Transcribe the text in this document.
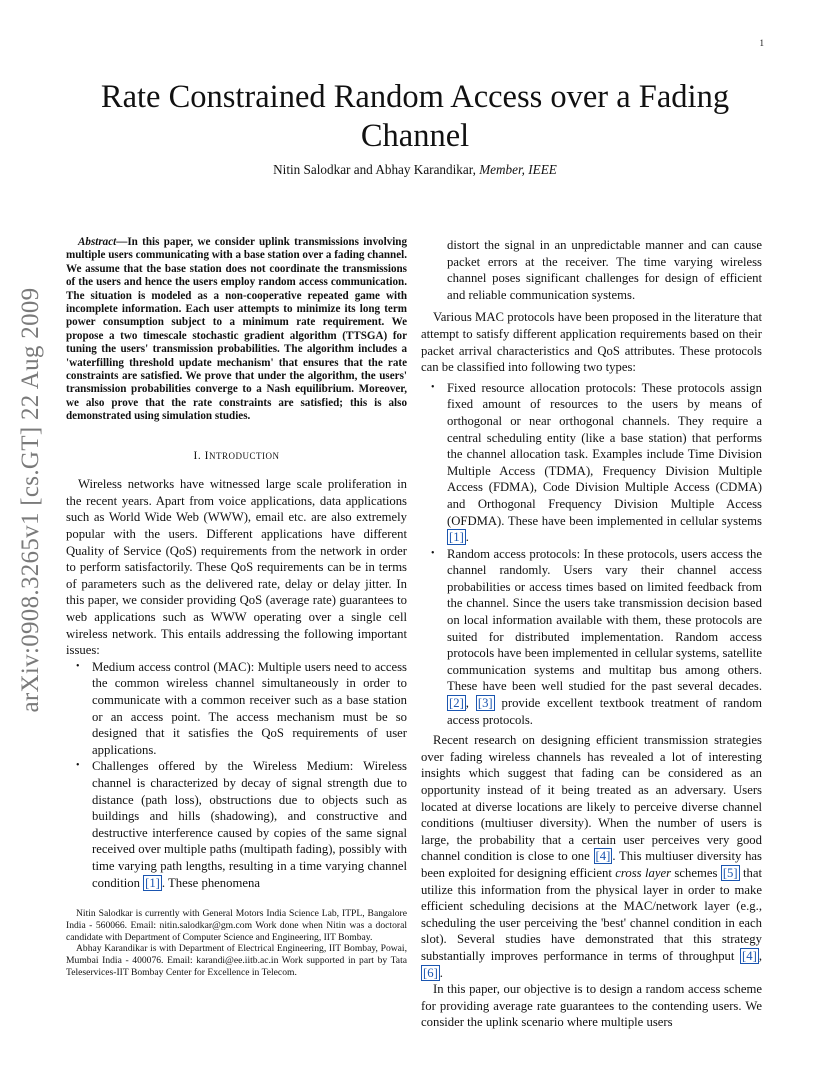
1
arXiv:0908.3265v1 [cs.GT] 22 Aug 2009
Rate Constrained Random Access over a Fading
Channel
Nitin Salodkar and Abhay Karandikar, Member, IEEE

Abstract—In this paper, we consider uplink transmissions involving multiple users communicating with a base station over a fading channel. We assume that the base station does not coordinate the transmissions of the users and hence the users employ random access communication. The situation is modeled as a non-cooperative repeated game with incomplete information. Each user attempts to minimize its long term power consumption subject to a minimum rate requirement. We propose a two timescale stochastic gradient algorithm (TTSGA) for tuning the users' transmission probabilities. The algorithm includes a 'waterfilling threshold update mechanism' that ensures that the rate constraints are satisfied. We prove that under the algorithm, the users' transmission probabilities converge to a Nash equilibrium. Moreover, we also prove that the rate constraints are satisfied; this is also demonstrated using simulation studies.

I. INTRODUCTION

Wireless networks have witnessed large scale proliferation in the recent years. Apart from voice applications, data applications such as World Wide Web (WWW), email etc. are also extremely popular with the users. Different applications have different Quality of Service (QoS) requirements from the network in order to perform satisfactorily. These QoS requirements can be in terms of parameters such as the delivered rate, delay or delay jitter. In this paper, we consider providing QoS (average rate) guarantees to web applications such as WWW operating over a single cell wireless network. This entails addressing the following important issues:

• Medium access control (MAC): Multiple users need to access the common wireless channel simultaneously in order to communicate with a common receiver such as a base station or an access point. The access mechanism must be so designed that it satisfies the QoS requirements of user applications.
• Challenges offered by the Wireless Medium: Wireless channel is characterized by decay of signal strength due to distance (path loss), obstructions due to objects such as buildings and hills (shadowing), and constructive and destructive interference caused by copies of the same signal received over multiple paths (multipath fading), possibly with time varying path lengths, resulting in a time varying channel condition [1] . These phenomena

Nitin Salodkar is currently with General Motors India Science Lab, ITPL, Bangalore India - 560066. Email: nitin.salodkar@gm.com Work done when Nitin was a doctoral candidate with Department of Computer Science and Engineering, IIT Bombay.

Abhay Karandikar is with Department of Electrical Engineering, IIT Bombay, Powai, Mumbai India - 400076. Email: karandi@ee.iitb.ac.in Work supported in part by Tata Teleservices-IIT Bombay Center for Excellence in Telecom.

distort the signal in an unpredictable manner and can cause packet errors at the receiver. The time varying wireless channel poses significant challenges for design of efficient and reliable communication systems.

Various MAC protocols have been proposed in the literature that attempt to satisfy different application requirements based on their packet arrival characteristics and QoS attributes. These protocols can be classified into following two types:

• Fixed resource allocation protocols: These protocols assign fixed amount of resources to the users by means of orthogonal or near orthogonal channels. They require a central scheduling entity (like a base station) that performs the channel allocation task. Examples include Time Division Multiple Access (TDMA), Frequency Division Multiple Access (FDMA), Code Division Multiple Access (CDMA) and Orthogonal Frequency Division Multiple Access (OFDMA). These have been implemented in cellular systems [1] .
• Random access protocols: In these protocols, users access the channel randomly. Users vary their channel access probabilities or access times based on limited feedback from the channel. Since the users take transmission decision based on local information available with them, these protocols are suited for distributed implementation. Random access protocols have been implemented in cellular systems, satellite communication systems and multitap bus among others. These have been well studied for the past several decades. [2] , [3] provide excellent textbook treatment of random access protocols.

Recent research on designing efficient transmission strategies over fading wireless channels has revealed a lot of interesting insights which suggest that fading can be considered as an opportunity instead of it being treated as an adversary. Users located at diverse locations are likely to perceive diverse channel conditions (multiuser diversity). When the number of users is large, the probability that a certain user perceives very good channel condition is close to one [4] . This multiuser diversity has been exploited for designing efficient cross layer schemes [5] that utilize this information from the physical layer in order to make efficient scheduling decisions at the MAC/network layer (e.g., scheduling the user perceiving the 'best' channel condition in each slot). Several studies have demonstrated that this strategy substantially improves performance in terms of throughput [4] , [6] .

In this paper, our objective is to design a random access scheme for providing average rate guarantees to the contending users. We consider the uplink scenario where multiple users
